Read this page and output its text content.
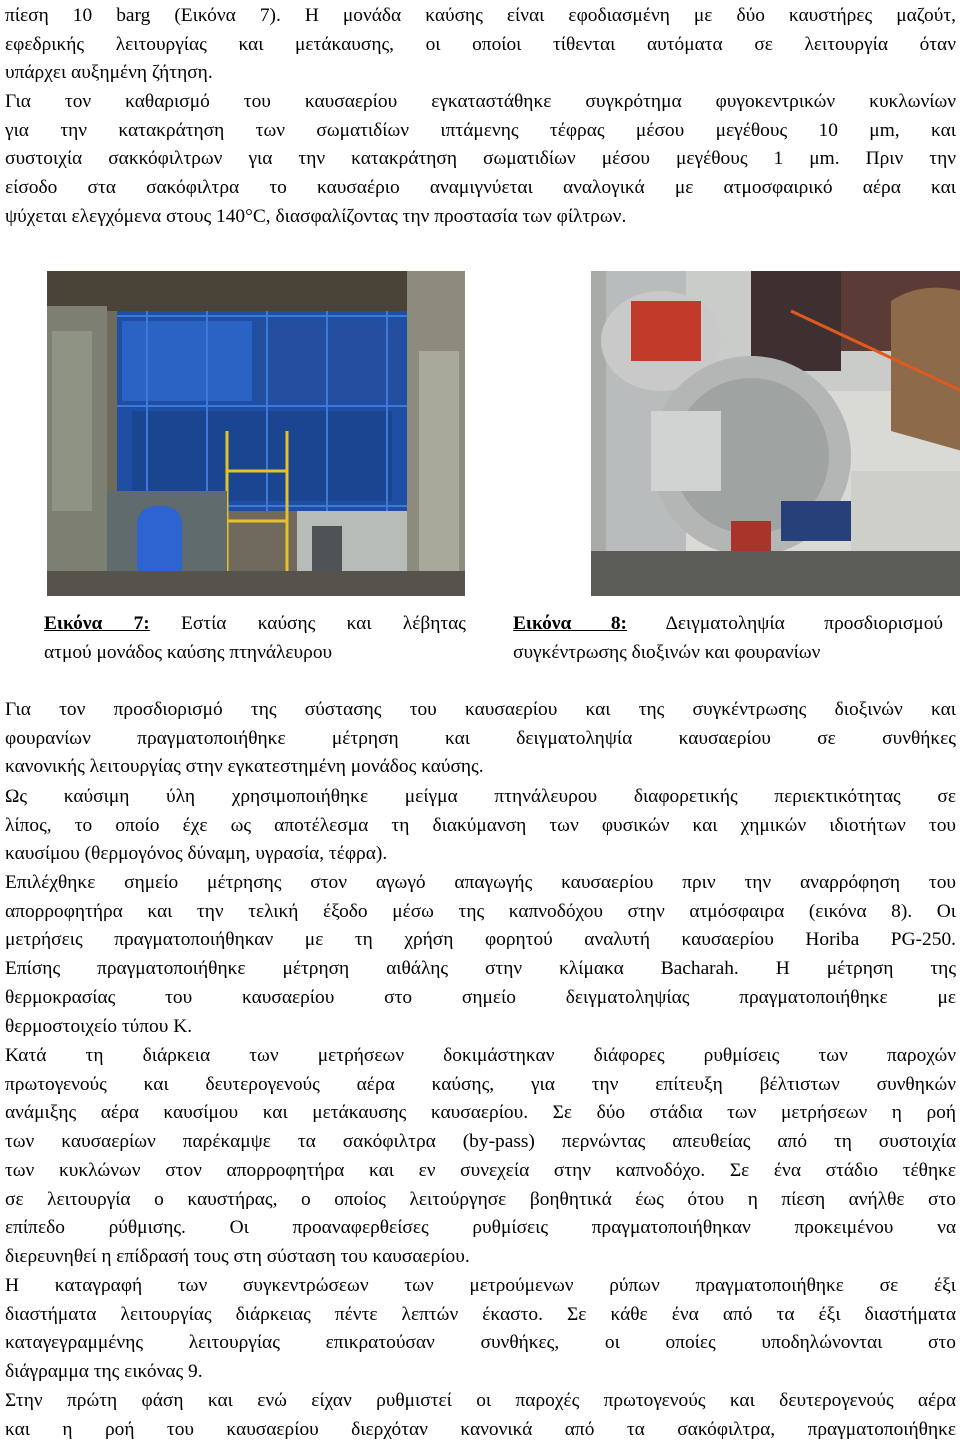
πίεση 10 barg (Εικόνα 7). Η μονάδα καύσης είναι εφοδιασμένη με δύο καυστήρες μαζούτ,
εφεδρικής λειτουργίας και μετάκαυσης, οι οποίοι τίθενται αυτόματα σε λειτουργία όταν
υπάρχει αυξημένη ζήτηση.

Για τον καθαρισμό του καυσαερίου εγκαταστάθηκε συγκρότημα φυγοκεντρικών κυκλωνίων
για την κατακράτηση των σωματιδίων ιπτάμενης τέφρας μέσου μεγέθους 10 μm, και
συστοιχία σακκόφιλτρων για την κατακράτηση σωματιδίων μέσου μεγέθους 1 μm. Πριν την
είσοδο στα σακόφιλτρα το καυσαέριο αναμιγνύεται αναλογικά με ατμοσφαιρικό αέρα και
ψύχεται ελεγχόμενα στους 140°C, διασφαλίζοντας την προστασία των φίλτρων.

Εικόνα 7: Εστία καύσης και λέβητας
ατμού μονάδος καύσης πτηνάλευρου

Εικόνα 8: Δειγματοληψία προσδιορισμού
συγκέντρωσης διοξινών και φουρανίων

Για τον προσδιορισμό της σύστασης του καυσαερίου και της συγκέντρωσης διοξινών και
φουρανίων πραγματοποιήθηκε μέτρηση και δειγματοληψία καυσαερίου σε συνθήκες
κανονικής λειτουργίας στην εγκατεστημένη μονάδος καύσης.

Ως καύσιμη ύλη χρησιμοποιήθηκε μείγμα πτηνάλευρου διαφορετικής περιεκτικότητας σε
λίπος, το οποίο έχε ως αποτέλεσμα τη διακύμανση των φυσικών και χημικών ιδιοτήτων του
καυσίμου (θερμογόνος δύναμη, υγρασία, τέφρα).

Επιλέχθηκε σημείο μέτρησης στον αγωγό απαγωγής καυσαερίου πριν την αναρρόφηση του
απορροφητήρα και την τελική έξοδο μέσω της καπνοδόχου στην ατμόσφαιρα (εικόνα 8). Οι
μετρήσεις πραγματοποιήθηκαν με τη χρήση φορητού αναλυτή καυσαερίου Horiba PG-250.
Επίσης πραγματοποιήθηκε μέτρηση αιθάλης στην κλίμακα Bacharah. Η μέτρηση της
θερμοκρασίας του καυσαερίου στο σημείο δειγματοληψίας πραγματοποιήθηκε με
θερμοστοιχείο τύπου K.

Κατά τη διάρκεια των μετρήσεων δοκιμάστηκαν διάφορες ρυθμίσεις των παροχών
πρωτογενούς και δευτερογενούς αέρα καύσης, για την επίτευξη βέλτιστων συνθηκών
ανάμιξης αέρα καυσίμου και μετάκαυσης καυσαερίου. Σε δύο στάδια των μετρήσεων η ροή
των καυσαερίων παρέκαμψε τα σακόφιλτρα (by-pass) περνώντας απευθείας από τη συστοιχία
των κυκλώνων στον απορροφητήρα και εν συνεχεία στην καπνοδόχο. Σε ένα στάδιο τέθηκε
σε λειτουργία ο καυστήρας, ο οποίος λειτούργησε βοηθητικά έως ότου η πίεση ανήλθε στο
επίπεδο ρύθμισης. Οι προαναφερθείσες ρυθμίσεις πραγματοποιήθηκαν προκειμένου να
διερευνηθεί η επίδρασή τους στη σύσταση του καυσαερίου.

Η καταγραφή των συγκεντρώσεων των μετρούμενων ρύπων πραγματοποιήθηκε σε έξι
διαστήματα λειτουργίας διάρκειας πέντε λεπτών έκαστο. Σε κάθε ένα από τα έξι διαστήματα
καταγεγραμμένης λειτουργίας επικρατούσαν συνθήκες, οι οποίες υποδηλώνονται στο
διάγραμμα της εικόνας 9.

Στην πρώτη φάση και ενώ είχαν ρυθμιστεί οι παροχές πρωτογενούς και δευτερογενούς αέρα
και η ροή του καυσαερίου διερχόταν κανονικά από τα σακόφιλτρα, πραγματοποιήθηκε
